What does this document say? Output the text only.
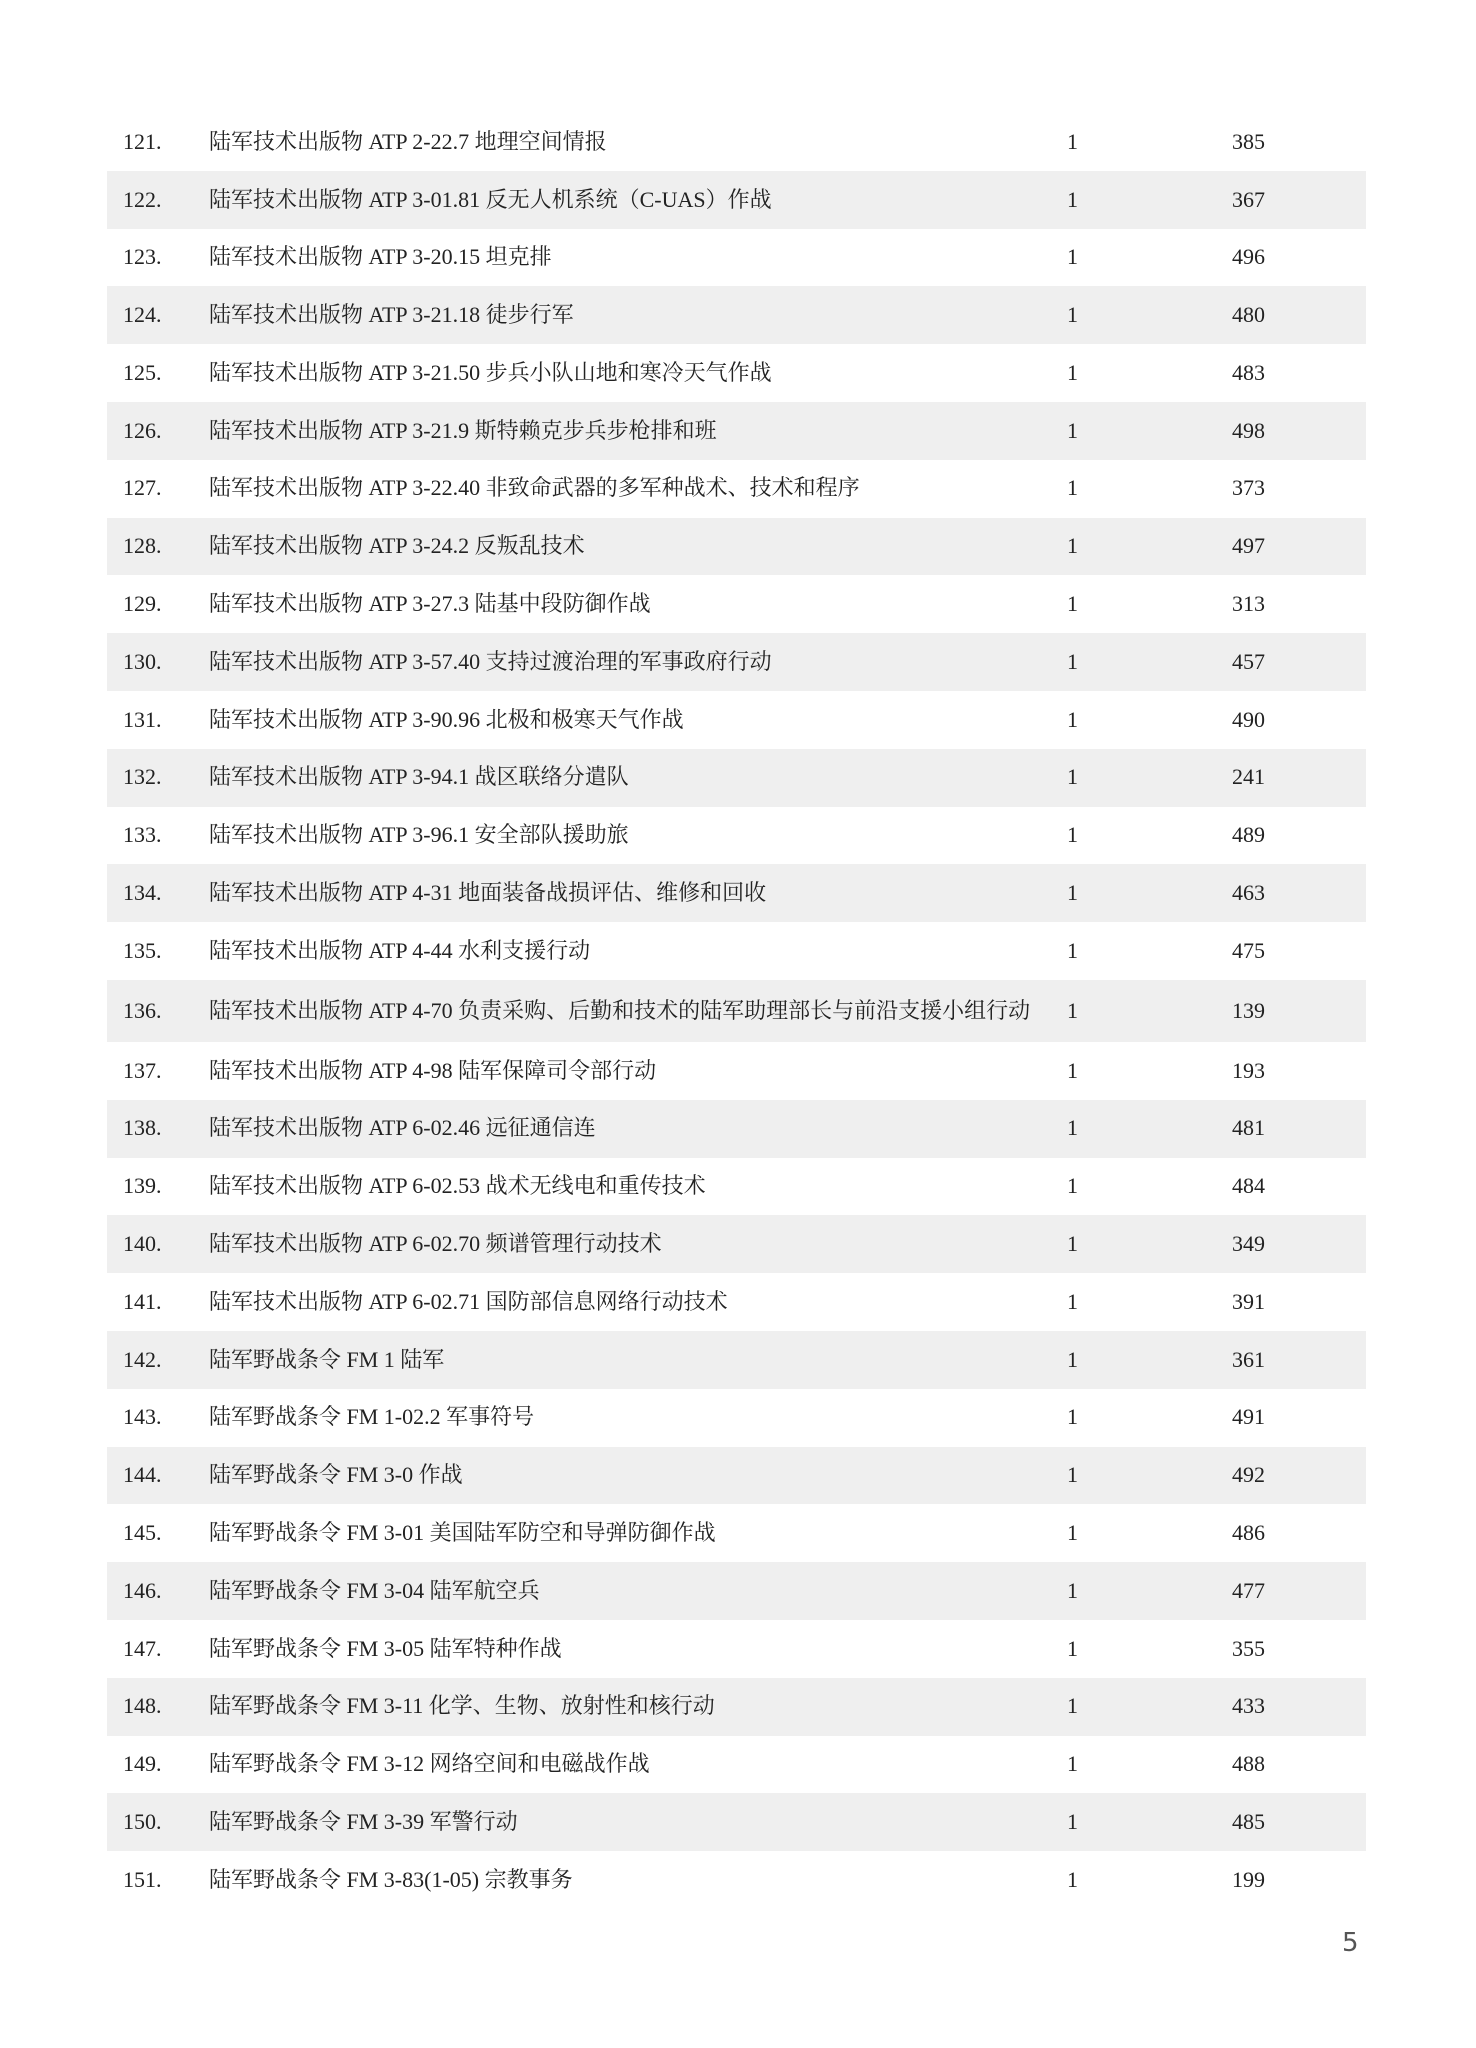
121.	陆军技术出版物 ATP 2-22.7 地理空间情报	1	385
122.	陆军技术出版物 ATP 3-01.81 反无人机系统（C-UAS）作战	1	367
123.	陆军技术出版物 ATP 3-20.15 坦克排	1	496
124.	陆军技术出版物 ATP 3-21.18 徒步行军	1	480
125.	陆军技术出版物 ATP 3-21.50 步兵小队山地和寒冷天气作战	1	483
126.	陆军技术出版物 ATP 3-21.9 斯特赖克步兵步枪排和班	1	498
127.	陆军技术出版物 ATP 3-22.40 非致命武器的多军种战术、技术和程序	1	373
128.	陆军技术出版物 ATP 3-24.2 反叛乱技术	1	497
129.	陆军技术出版物 ATP 3-27.3 陆基中段防御作战	1	313
130.	陆军技术出版物 ATP 3-57.40 支持过渡治理的军事政府行动	1	457
131.	陆军技术出版物 ATP 3-90.96 北极和极寒天气作战	1	490
132.	陆军技术出版物 ATP 3-94.1 战区联络分遣队	1	241
133.	陆军技术出版物 ATP 3-96.1 安全部队援助旅	1	489
134.	陆军技术出版物 ATP 4-31 地面装备战损评估、维修和回收	1	463
135.	陆军技术出版物 ATP 4-44 水利支援行动	1	475
136.	陆军技术出版物 ATP 4-70 负责采购、后勤和技术的陆军助理部长与前沿支援小组行动	1	139
137.	陆军技术出版物 ATP 4-98 陆军保障司令部行动	1	193
138.	陆军技术出版物 ATP 6-02.46 远征通信连	1	481
139.	陆军技术出版物 ATP 6-02.53 战术无线电和重传技术	1	484
140.	陆军技术出版物 ATP 6-02.70 频谱管理行动技术	1	349
141.	陆军技术出版物 ATP 6-02.71 国防部信息网络行动技术	1	391
142.	陆军野战条令 FM 1 陆军	1	361
143.	陆军野战条令 FM 1-02.2 军事符号	1	491
144.	陆军野战条令 FM 3-0 作战	1	492
145.	陆军野战条令 FM 3-01 美国陆军防空和导弹防御作战	1	486
146.	陆军野战条令 FM 3-04 陆军航空兵	1	477
147.	陆军野战条令 FM 3-05 陆军特种作战	1	355
148.	陆军野战条令 FM 3-11 化学、生物、放射性和核行动	1	433
149.	陆军野战条令 FM 3-12 网络空间和电磁战作战	1	488
150.	陆军野战条令 FM 3-39 军警行动	1	485
151.	陆军野战条令 FM 3-83(1-05) 宗教事务	1	199
5
